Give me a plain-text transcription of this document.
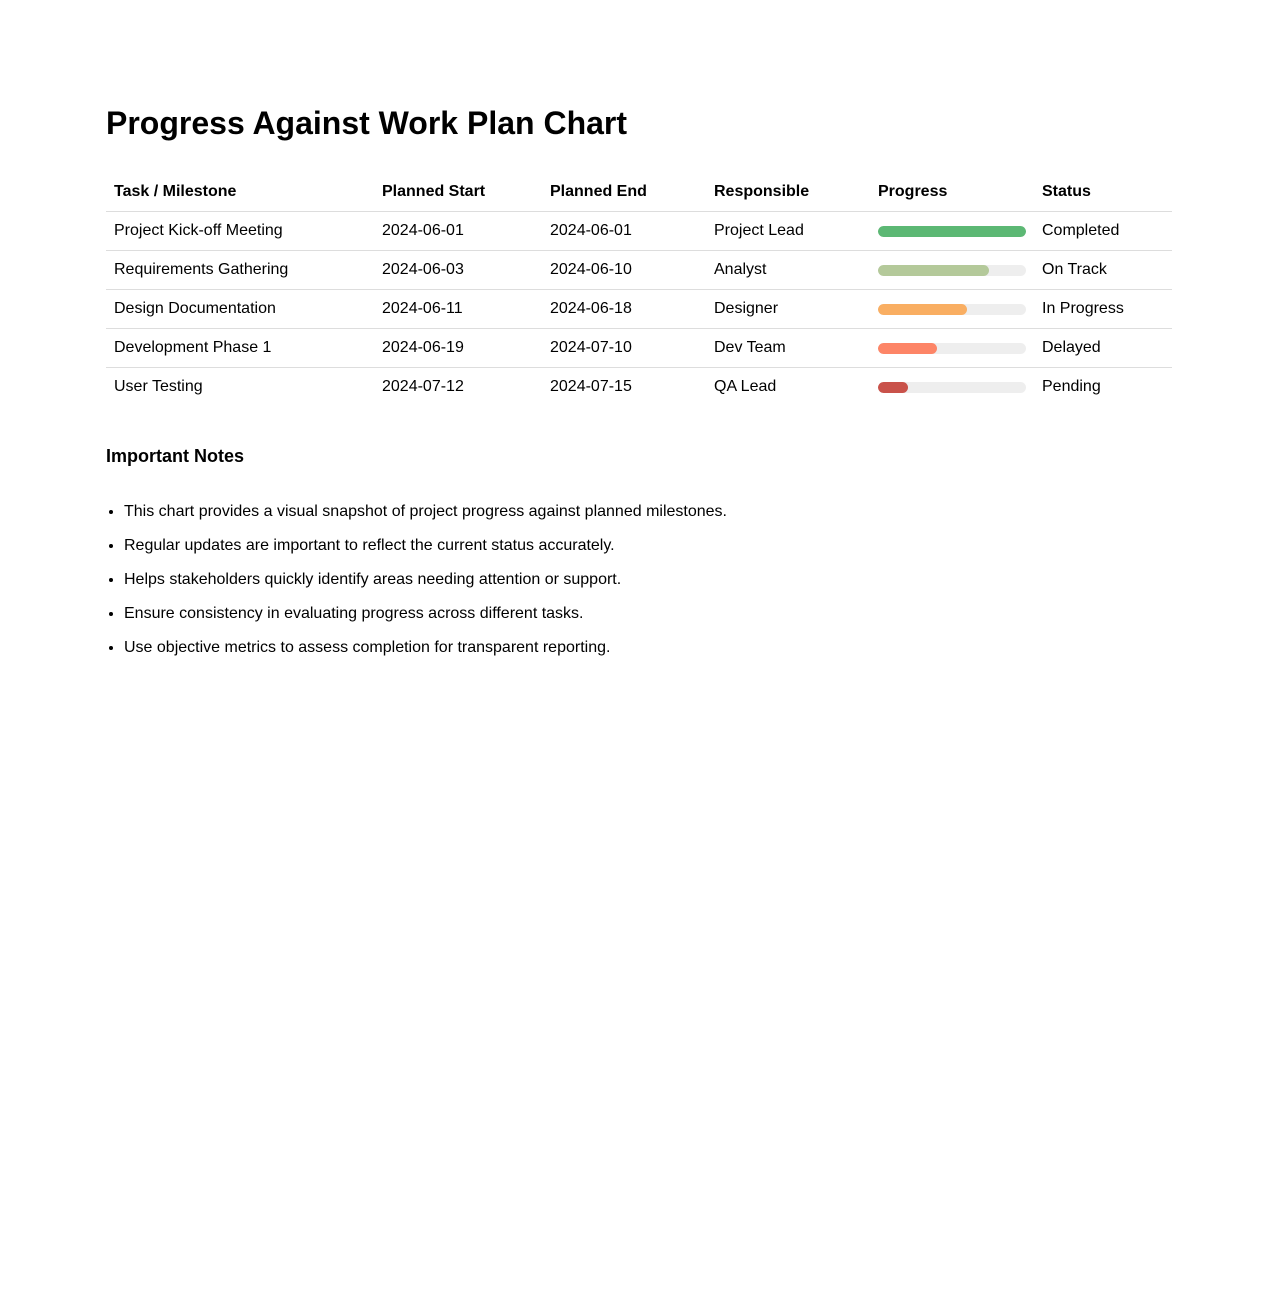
Progress Against Work Plan Chart
Task / Milestone	Planned Start	Planned End	Responsible	Progress	Status
Project Kick-off Meeting	2024-06-01	2024-06-01	Project Lead		Completed
Requirements Gathering	2024-06-03	2024-06-10	Analyst		On Track
Design Documentation	2024-06-11	2024-06-18	Designer		In Progress
Development Phase 1	2024-06-19	2024-07-10	Dev Team		Delayed
User Testing	2024-07-12	2024-07-15	QA Lead		Pending
Important Notes
• This chart provides a visual snapshot of project progress against planned milestones.
• Regular updates are important to reflect the current status accurately.
• Helps stakeholders quickly identify areas needing attention or support.
• Ensure consistency in evaluating progress across different tasks.
• Use objective metrics to assess completion for transparent reporting.
